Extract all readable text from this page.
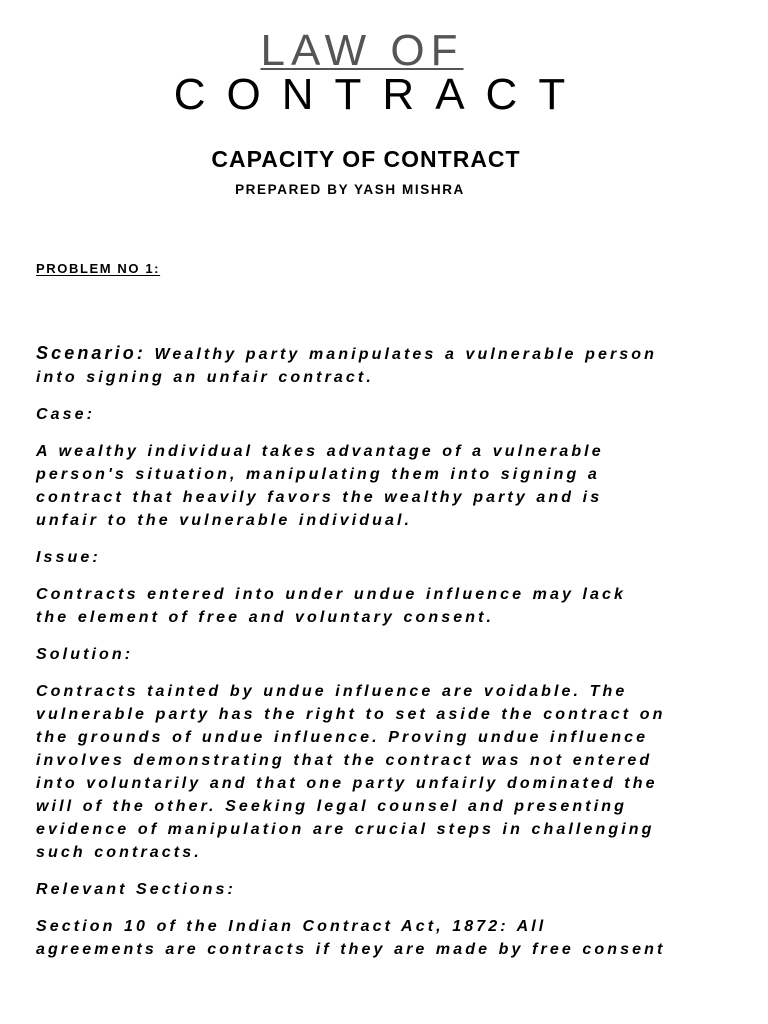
LAW OF
CONTRACT
CAPACITY OF CONTRACT
PREPARED BY YASH MISHRA
PROBLEM NO 1:

Scenario: Wealthy party manipulates a vulnerable person
into signing an unfair contract.

Case:

A wealthy individual takes advantage of a vulnerable
person's situation, manipulating them into signing a
contract that heavily favors the wealthy party and is
unfair to the vulnerable individual.

Issue:

Contracts entered into under undue influence may lack
the element of free and voluntary consent.

Solution:

Contracts tainted by undue influence are voidable. The
vulnerable party has the right to set aside the contract on
the grounds of undue influence. Proving undue influence
involves demonstrating that the contract was not entered
into voluntarily and that one party unfairly dominated the
will of the other. Seeking legal counsel and presenting
evidence of manipulation are crucial steps in challenging
such contracts.

Relevant Sections:

Section 10 of the Indian Contract Act, 1872: All
agreements are contracts if they are made by free consent
